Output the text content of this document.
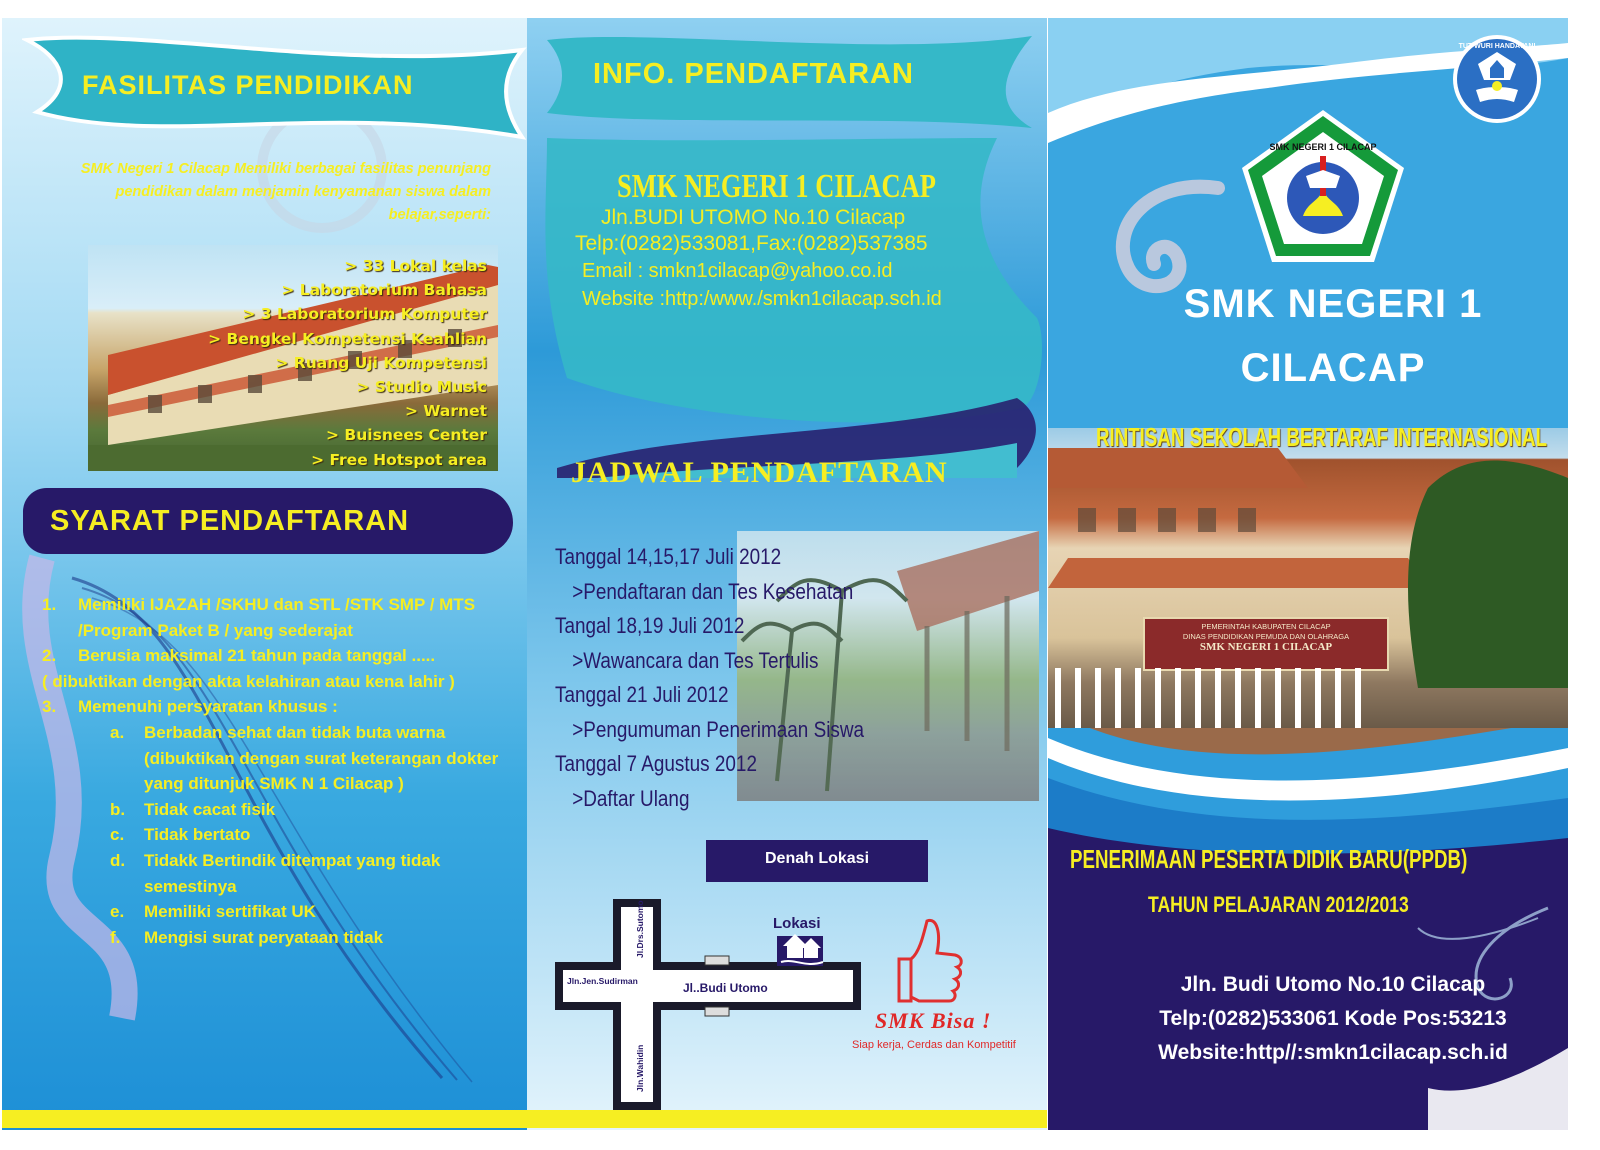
FASILITAS PENDIDIKAN
SMK Negeri 1 Cilacap Memiliki berbagai fasilitas penunjang pendidikan dalam menjamin kenyamanan siswa dalam belajar,seperti:
> 33 Lokal kelas
> Laboratorium Bahasa
> 3 Laboratorium Komputer
> Bengkel Kompetensi Keahlian
> Ruang Uji Kompetensi
> Studio Music
> Warnet
> Buisnees Center
> Free Hotspot area
SYARAT PENDAFTARAN
1.	Memiliki IJAZAH /SKHU dan STL /STK SMP / MTS /Program Paket B / yang sederajat
2.	Berusia maksimal 21 tahun pada tanggal .....
( dibuktikan dengan akta kelahiran atau kena lahir )
3.	Memenuhi persyaratan khusus :
a.	Berbadan sehat dan tidak buta warna (dibuktikan dengan surat keterangan dokter yang ditunjuk SMK N 1 Cilacap )
b.	Tidak cacat fisik
c.	Tidak bertato
d.	Tidakk Bertindik ditempat yang tidak semestinya
e.	Memiliki sertifikat UK
f.	Mengisi surat peryataan tidak
INFO. PENDAFTARAN
SMK NEGERI 1 CILACAP
Jln.BUDI UTOMO No.10 Cilacap
Telp:(0282)533081,Fax:(0282)537385
Email : smkn1cilacap@yahoo.co.id
Website :http:/www./smkn1cilacap.sch.id
JADWAL PENDAFTARAN
Tanggal 14,15,17 Juli 2012
>Pendaftaran dan Tes Kesehatan
Tangal 18,19 Juli 2012
>Wawancara dan Tes Tertulis
Tanggal 21 Juli 2012
>Pengumuman Penerimaan Siswa
Tanggal 7 Agustus 2012
>Daftar Ulang
Denah Lokasi
Jl..Budi Utomo
Jln.Jen.Sudirman
Jl.Drs.Sutomo
Jln.Wahidin
Lokasi
SMK Bisa !
Siap kerja, Cerdas dan Kompetitif
PEMERINTAH KABUPATEN CILACAP
DINAS PENDIDIKAN PEMUDA DAN OLAHRAGA
SMK NEGERI 1 CILACAP
TUT WURI HANDAYANI
SMK NEGERI 1 CILACAP
SMK NEGERI 1
CILACAP
RINTISAN SEKOLAH BERTARAF INTERNASIONAL
PENERIMAAN PESERTA DIDIK BARU(PPDB)
TAHUN PELAJARAN 2012/2013
Jln. Budi Utomo No.10 Cilacap
Telp:(0282)533061 Kode Pos:53213
Website:http//:smkn1cilacap.sch.id
